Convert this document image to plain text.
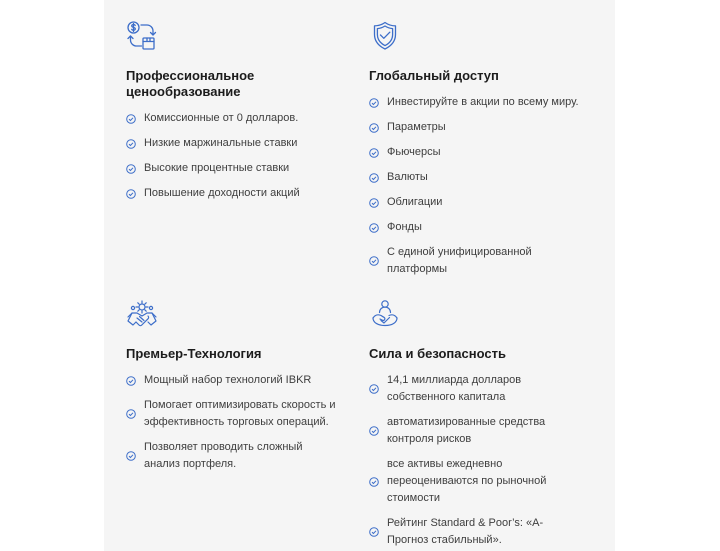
Профессиональное ценообразование
Комиссионные от 0 долларов.
Низкие маржинальные ставки
Высокие процентные ставки
Повышение доходности акций
Глобальный доступ
Инвестируйте в акции по всему миру.
Параметры
Фьючерсы
Валюты
Облигации
Фонды
С единой унифицированной платформы
Премьер-Технология
Мощный набор технологий IBKR
Помогает оптимизировать скорость и эффективность торговых операций.
Позволяет проводить сложный анализ портфеля.
Сила и безопасность
14,1 миллиарда долларов собственного капитала
автоматизированные средства контроля рисков
все активы ежедневно переоцениваются по рыночной стоимости
Рейтинг Standard & Poor’s: «A-Прогноз стабильный».
